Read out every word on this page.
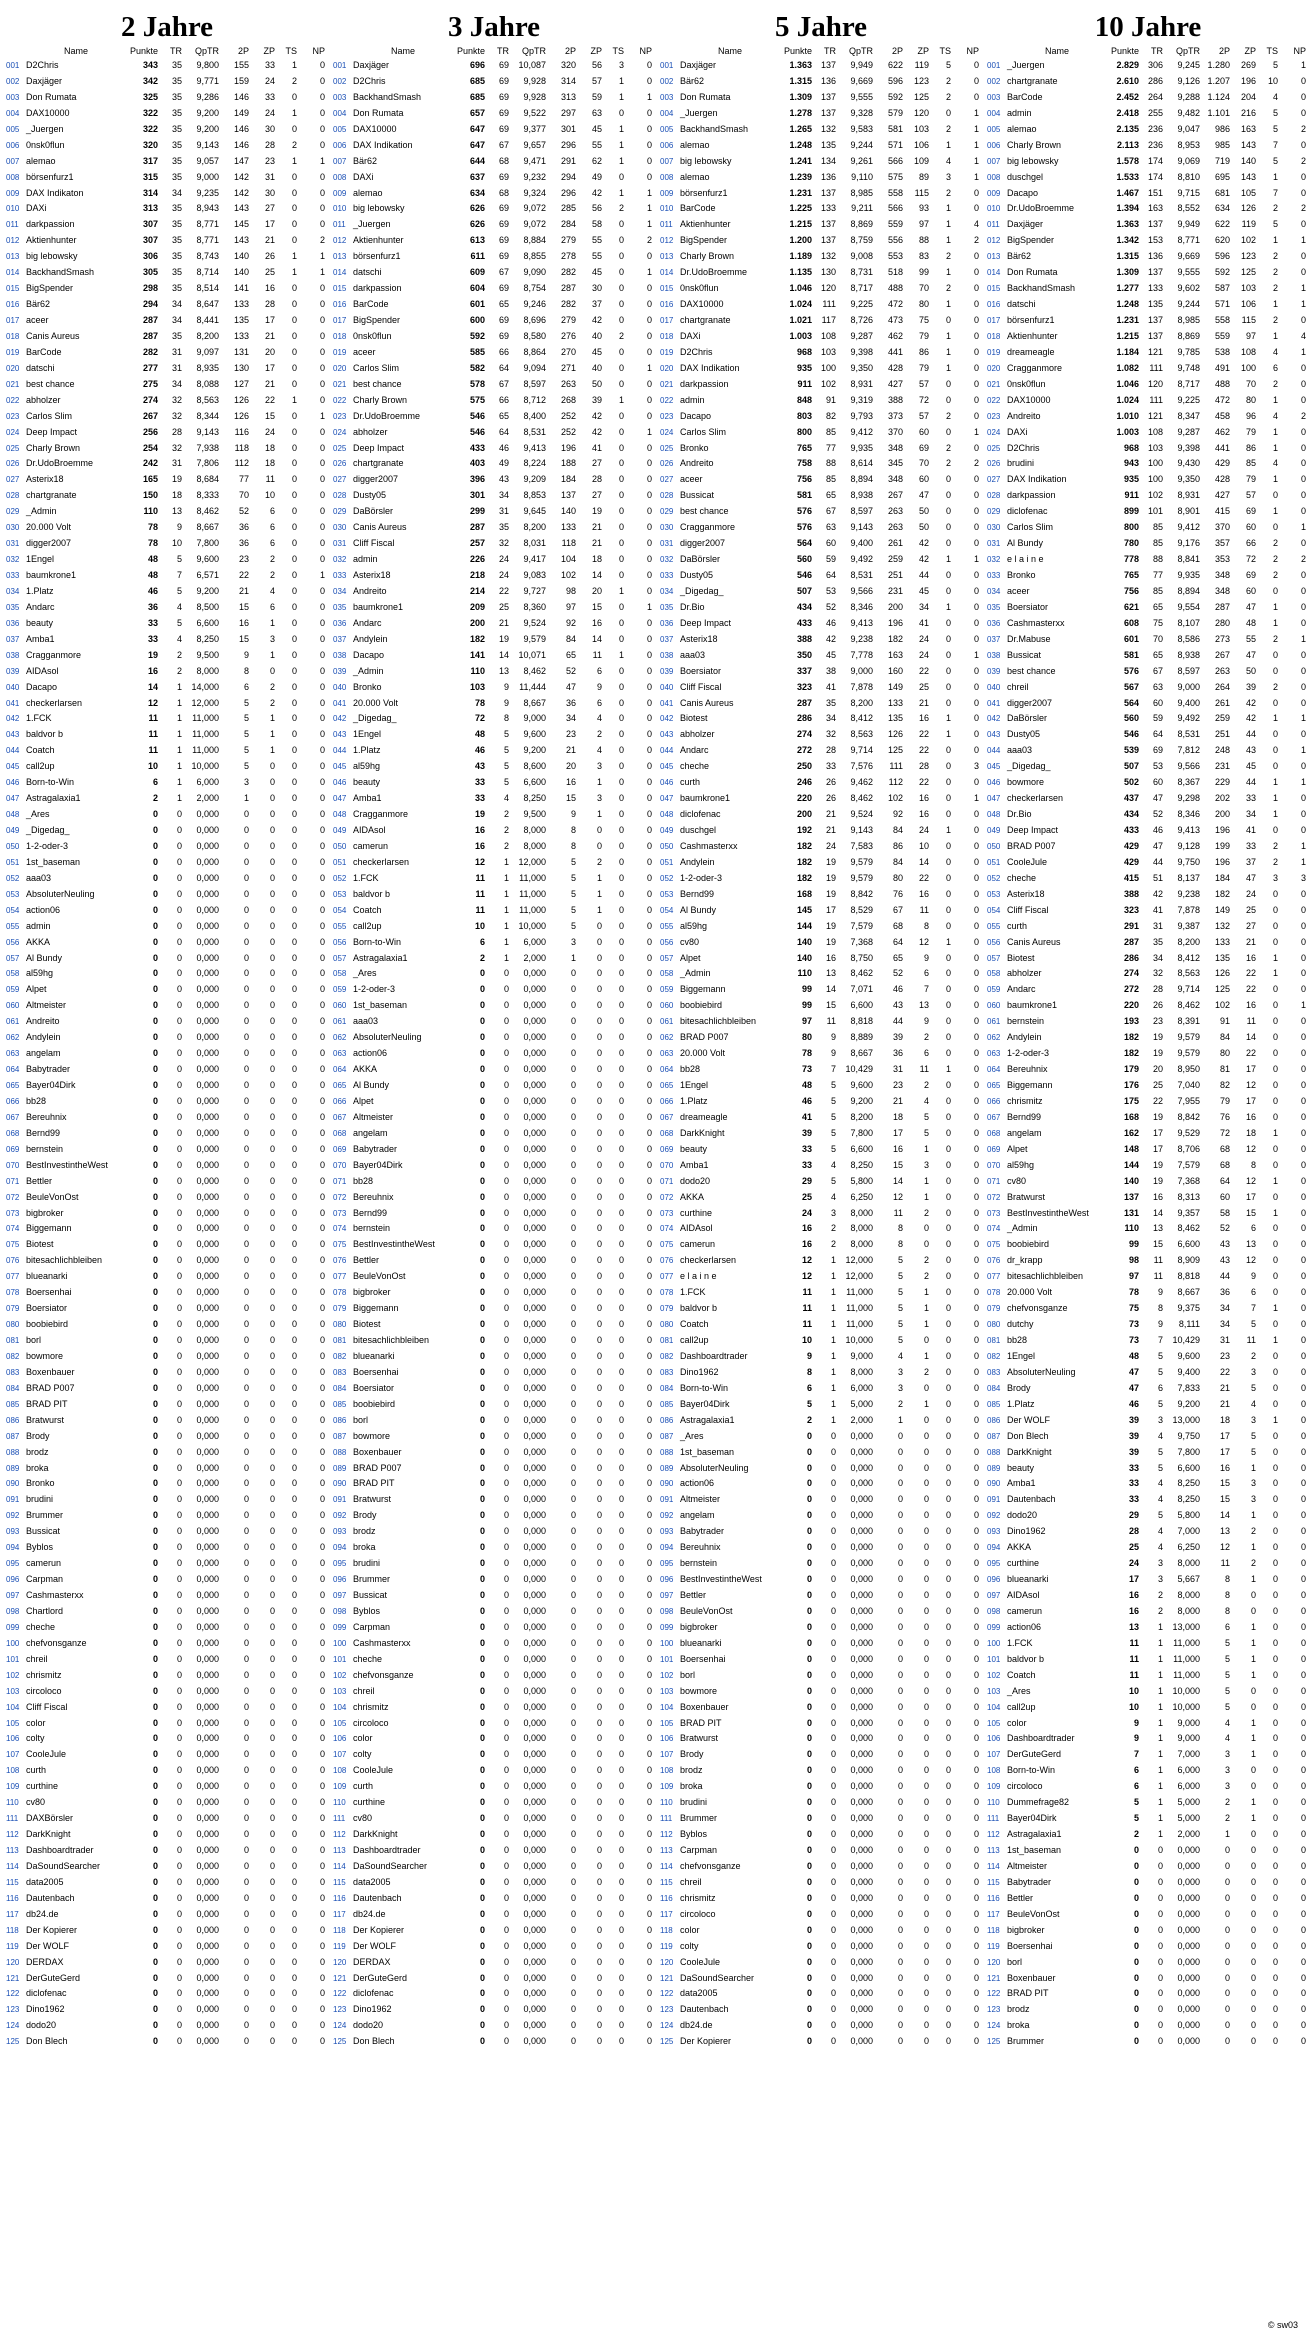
2 Jahre
	Name	Punkte	TR	QpTR	2P	ZP	TS	NP
001	D2Chris	343	35	9,800	155	33	1	0
002	Daxjäger	342	35	9,771	159	24	2	0
003	Don Rumata	325	35	9,286	146	33	0	0
004	DAX10000	322	35	9,200	149	24	1	0
005	_Juergen	322	35	9,200	146	30	0	0
006	0nsk0flun	320	35	9,143	146	28	2	0
007	alemao	317	35	9,057	147	23	1	1
008	börsenfurz1	315	35	9,000	142	31	0	0
009	DAX Indikaton	314	34	9,235	142	30	0	0
010	DAXi	313	35	8,943	143	27	0	0
011	darkpassion	307	35	8,771	145	17	0	0
012	Aktienhunter	307	35	8,771	143	21	0	2
013	big lebowsky	306	35	8,743	140	26	1	1
014	BackhandSmash	305	35	8,714	140	25	1	1
015	BigSpender	298	35	8,514	141	16	0	0
016	Bär62	294	34	8,647	133	28	0	0
017	aceer	287	34	8,441	135	17	0	0
018	Canis Aureus	287	35	8,200	133	21	0	0
019	BarCode	282	31	9,097	131	20	0	0
020	datschi	277	31	8,935	130	17	0	0
021	best chance	275	34	8,088	127	21	0	0
022	abholzer	274	32	8,563	126	22	1	0
023	Carlos Slim	267	32	8,344	126	15	0	1
024	Deep Impact	256	28	9,143	116	24	0	0
025	Charly Brown	254	32	7,938	118	18	0	0
026	Dr.UdoBroemme	242	31	7,806	112	18	0	0
027	Asterix18	165	19	8,684	77	11	0	0
028	chartgranate	150	18	8,333	70	10	0	0
029	_Admin	110	13	8,462	52	6	0	0
030	20.000 Volt	78	9	8,667	36	6	0	0
031	digger2007	78	10	7,800	36	6	0	0
032	1Engel	48	5	9,600	23	2	0	0
033	baumkrone1	48	7	6,571	22	2	0	1
034	1.Platz	46	5	9,200	21	4	0	0
035	Andarc	36	4	8,500	15	6	0	0
036	beauty	33	5	6,600	16	1	0	0
037	Amba1	33	4	8,250	15	3	0	0
038	Cragganmore	19	2	9,500	9	1	0	0
039	AIDAsol	16	2	8,000	8	0	0	0
040	Dacapo	14	1	14,000	6	2	0	0
041	checkerlarsen	12	1	12,000	5	2	0	0
042	1.FCK	11	1	11,000	5	1	0	0
043	baldvor b	11	1	11,000	5	1	0	0
044	Coatch	11	1	11,000	5	1	0	0
045	call2up	10	1	10,000	5	0	0	0
046	Born-to-Win	6	1	6,000	3	0	0	0
047	Astragalaxia1	2	1	2,000	1	0	0	0
048	_Ares	0	0	0,000	0	0	0	0
049	_Digedag_	0	0	0,000	0	0	0	0
050	1-2-oder-3	0	0	0,000	0	0	0	0
051	1st_baseman	0	0	0,000	0	0	0	0
052	aaa03	0	0	0,000	0	0	0	0
053	AbsoluterNeuling	0	0	0,000	0	0	0	0
054	action06	0	0	0,000	0	0	0	0
055	admin	0	0	0,000	0	0	0	0
056	AKKA	0	0	0,000	0	0	0	0
057	Al Bundy	0	0	0,000	0	0	0	0
058	al59hg	0	0	0,000	0	0	0	0
059	Alpet	0	0	0,000	0	0	0	0
060	Altmeister	0	0	0,000	0	0	0	0
061	Andreito	0	0	0,000	0	0	0	0
062	Andylein	0	0	0,000	0	0	0	0
063	angelam	0	0	0,000	0	0	0	0
064	Babytrader	0	0	0,000	0	0	0	0
065	Bayer04Dirk	0	0	0,000	0	0	0	0
066	bb28	0	0	0,000	0	0	0	0
067	Bereuhnix	0	0	0,000	0	0	0	0
068	Bernd99	0	0	0,000	0	0	0	0
069	bernstein	0	0	0,000	0	0	0	0
070	BestInvestintheWest	0	0	0,000	0	0	0	0
071	Bettler	0	0	0,000	0	0	0	0
072	BeuleVonOst	0	0	0,000	0	0	0	0
073	bigbroker	0	0	0,000	0	0	0	0
074	Biggemann	0	0	0,000	0	0	0	0
075	Biotest	0	0	0,000	0	0	0	0
076	bitesachlichbleiben	0	0	0,000	0	0	0	0
077	blueanarki	0	0	0,000	0	0	0	0
078	Boersenhai	0	0	0,000	0	0	0	0
079	Boersiator	0	0	0,000	0	0	0	0
080	boobiebird	0	0	0,000	0	0	0	0
081	borl	0	0	0,000	0	0	0	0
082	bowmore	0	0	0,000	0	0	0	0
083	Boxenbauer	0	0	0,000	0	0	0	0
084	BRAD P007	0	0	0,000	0	0	0	0
085	BRAD PIT	0	0	0,000	0	0	0	0
086	Bratwurst	0	0	0,000	0	0	0	0
087	Brody	0	0	0,000	0	0	0	0
088	brodz	0	0	0,000	0	0	0	0
089	broka	0	0	0,000	0	0	0	0
090	Bronko	0	0	0,000	0	0	0	0
091	brudini	0	0	0,000	0	0	0	0
092	Brummer	0	0	0,000	0	0	0	0
093	Bussicat	0	0	0,000	0	0	0	0
094	Byblos	0	0	0,000	0	0	0	0
095	camerun	0	0	0,000	0	0	0	0
096	Carpman	0	0	0,000	0	0	0	0
097	Cashmasterxx	0	0	0,000	0	0	0	0
098	Chartlord	0	0	0,000	0	0	0	0
099	cheche	0	0	0,000	0	0	0	0
100	chefvonsganze	0	0	0,000	0	0	0	0
101	chreil	0	0	0,000	0	0	0	0
102	chrismitz	0	0	0,000	0	0	0	0
103	circoloco	0	0	0,000	0	0	0	0
104	Cliff Fiscal	0	0	0,000	0	0	0	0
105	color	0	0	0,000	0	0	0	0
106	colty	0	0	0,000	0	0	0	0
107	CooleJule	0	0	0,000	0	0	0	0
108	curth	0	0	0,000	0	0	0	0
109	curthine	0	0	0,000	0	0	0	0
110	cv80	0	0	0,000	0	0	0	0
111	DAXBörsler	0	0	0,000	0	0	0	0
112	DarkKnight	0	0	0,000	0	0	0	0
113	Dashboardtrader	0	0	0,000	0	0	0	0
114	DaSoundSearcher	0	0	0,000	0	0	0	0
115	data2005	0	0	0,000	0	0	0	0
116	Dautenbach	0	0	0,000	0	0	0	0
117	db24.de	0	0	0,000	0	0	0	0
118	Der Kopierer	0	0	0,000	0	0	0	0
119	Der WOLF	0	0	0,000	0	0	0	0
120	DERDAX	0	0	0,000	0	0	0	0
121	DerGuteGerd	0	0	0,000	0	0	0	0
122	diclofenac	0	0	0,000	0	0	0	0
123	Dino1962	0	0	0,000	0	0	0	0
124	dodo20	0	0	0,000	0	0	0	0
125	Don Blech	0	0	0,000	0	0	0	0
3 Jahre
	Name	Punkte	TR	QpTR	2P	ZP	TS	NP
001	Daxjäger	696	69	10,087	320	56	3	0
002	D2Chris	685	69	9,928	314	57	1	0
003	BackhandSmash	685	69	9,928	313	59	1	1
004	Don Rumata	657	69	9,522	297	63	0	0
005	DAX10000	647	69	9,377	301	45	1	0
006	DAX Indikation	647	67	9,657	296	55	1	0
007	Bär62	644	68	9,471	291	62	1	0
008	DAXi	637	69	9,232	294	49	0	0
009	alemao	634	68	9,324	296	42	1	1
010	big lebowsky	626	69	9,072	285	56	2	1
011	_Juergen	626	69	9,072	284	58	0	1
012	Aktienhunter	613	69	8,884	279	55	0	2
013	börsenfurz1	611	69	8,855	278	55	0	0
014	datschi	609	67	9,090	282	45	0	1
015	darkpassion	604	69	8,754	287	30	0	0
016	BarCode	601	65	9,246	282	37	0	0
017	BigSpender	600	69	8,696	279	42	0	0
018	0nsk0flun	592	69	8,580	276	40	2	0
019	aceer	585	66	8,864	270	45	0	0
020	Carlos Slim	582	64	9,094	271	40	0	1
021	best chance	578	67	8,597	263	50	0	0
022	Charly Brown	575	66	8,712	268	39	1	0
023	Dr.UdoBroemme	546	65	8,400	252	42	0	0
024	abholzer	546	64	8,531	252	42	0	1
025	Deep Impact	433	46	9,413	196	41	0	0
026	chartgranate	403	49	8,224	188	27	0	0
027	digger2007	396	43	9,209	184	28	0	0
028	Dusty05	301	34	8,853	137	27	0	0
029	DaBörsler	299	31	9,645	140	19	0	0
030	Canis Aureus	287	35	8,200	133	21	0	0
031	Cliff Fiscal	257	32	8,031	118	21	0	0
032	admin	226	24	9,417	104	18	0	0
033	Asterix18	218	24	9,083	102	14	0	0
034	Andreito	214	22	9,727	98	20	1	0
035	baumkrone1	209	25	8,360	97	15	0	1
036	Andarc	200	21	9,524	92	16	0	0
037	Andylein	182	19	9,579	84	14	0	0
038	Dacapo	141	14	10,071	65	11	1	0
039	_Admin	110	13	8,462	52	6	0	0
040	Bronko	103	9	11,444	47	9	0	0
041	20.000 Volt	78	9	8,667	36	6	0	0
042	_Digedag_	72	8	9,000	34	4	0	0
043	1Engel	48	5	9,600	23	2	0	0
044	1.Platz	46	5	9,200	21	4	0	0
045	al59hg	43	5	8,600	20	3	0	0
046	beauty	33	5	6,600	16	1	0	0
047	Amba1	33	4	8,250	15	3	0	0
048	Cragganmore	19	2	9,500	9	1	0	0
049	AIDAsol	16	2	8,000	8	0	0	0
050	camerun	16	2	8,000	8	0	0	0
051	checkerlarsen	12	1	12,000	5	2	0	0
052	1.FCK	11	1	11,000	5	1	0	0
053	baldvor b	11	1	11,000	5	1	0	0
054	Coatch	11	1	11,000	5	1	0	0
055	call2up	10	1	10,000	5	0	0	0
056	Born-to-Win	6	1	6,000	3	0	0	0
057	Astragalaxia1	2	1	2,000	1	0	0	0
058	_Ares	0	0	0,000	0	0	0	0
059	1-2-oder-3	0	0	0,000	0	0	0	0
060	1st_baseman	0	0	0,000	0	0	0	0
061	aaa03	0	0	0,000	0	0	0	0
062	AbsoluterNeuling	0	0	0,000	0	0	0	0
063	action06	0	0	0,000	0	0	0	0
064	AKKA	0	0	0,000	0	0	0	0
065	Al Bundy	0	0	0,000	0	0	0	0
066	Alpet	0	0	0,000	0	0	0	0
067	Altmeister	0	0	0,000	0	0	0	0
068	angelam	0	0	0,000	0	0	0	0
069	Babytrader	0	0	0,000	0	0	0	0
070	Bayer04Dirk	0	0	0,000	0	0	0	0
071	bb28	0	0	0,000	0	0	0	0
072	Bereuhnix	0	0	0,000	0	0	0	0
073	Bernd99	0	0	0,000	0	0	0	0
074	bernstein	0	0	0,000	0	0	0	0
075	BestInvestintheWest	0	0	0,000	0	0	0	0
076	Bettler	0	0	0,000	0	0	0	0
077	BeuleVonOst	0	0	0,000	0	0	0	0
078	bigbroker	0	0	0,000	0	0	0	0
079	Biggemann	0	0	0,000	0	0	0	0
080	Biotest	0	0	0,000	0	0	0	0
081	bitesachlichbleiben	0	0	0,000	0	0	0	0
082	blueanarki	0	0	0,000	0	0	0	0
083	Boersenhai	0	0	0,000	0	0	0	0
084	Boersiator	0	0	0,000	0	0	0	0
085	boobiebird	0	0	0,000	0	0	0	0
086	borl	0	0	0,000	0	0	0	0
087	bowmore	0	0	0,000	0	0	0	0
088	Boxenbauer	0	0	0,000	0	0	0	0
089	BRAD P007	0	0	0,000	0	0	0	0
090	BRAD PIT	0	0	0,000	0	0	0	0
091	Bratwurst	0	0	0,000	0	0	0	0
092	Brody	0	0	0,000	0	0	0	0
093	brodz	0	0	0,000	0	0	0	0
094	broka	0	0	0,000	0	0	0	0
095	brudini	0	0	0,000	0	0	0	0
096	Brummer	0	0	0,000	0	0	0	0
097	Bussicat	0	0	0,000	0	0	0	0
098	Byblos	0	0	0,000	0	0	0	0
099	Carpman	0	0	0,000	0	0	0	0
100	Cashmasterxx	0	0	0,000	0	0	0	0
101	cheche	0	0	0,000	0	0	0	0
102	chefvonsganze	0	0	0,000	0	0	0	0
103	chreil	0	0	0,000	0	0	0	0
104	chrismitz	0	0	0,000	0	0	0	0
105	circoloco	0	0	0,000	0	0	0	0
106	color	0	0	0,000	0	0	0	0
107	colty	0	0	0,000	0	0	0	0
108	CooleJule	0	0	0,000	0	0	0	0
109	curth	0	0	0,000	0	0	0	0
110	curthine	0	0	0,000	0	0	0	0
111	cv80	0	0	0,000	0	0	0	0
112	DarkKnight	0	0	0,000	0	0	0	0
113	Dashboardtrader	0	0	0,000	0	0	0	0
114	DaSoundSearcher	0	0	0,000	0	0	0	0
115	data2005	0	0	0,000	0	0	0	0
116	Dautenbach	0	0	0,000	0	0	0	0
117	db24.de	0	0	0,000	0	0	0	0
118	Der Kopierer	0	0	0,000	0	0	0	0
119	Der WOLF	0	0	0,000	0	0	0	0
120	DERDAX	0	0	0,000	0	0	0	0
121	DerGuteGerd	0	0	0,000	0	0	0	0
122	diclofenac	0	0	0,000	0	0	0	0
123	Dino1962	0	0	0,000	0	0	0	0
124	dodo20	0	0	0,000	0	0	0	0
125	Don Blech	0	0	0,000	0	0	0	0
5 Jahre
	Name	Punkte	TR	QpTR	2P	ZP	TS	NP
001	Daxjäger	1.363	137	9,949	622	119	5	0
002	Bär62	1.315	136	9,669	596	123	2	0
003	Don Rumata	1.309	137	9,555	592	125	2	0
004	_Juergen	1.278	137	9,328	579	120	0	1
005	BackhandSmash	1.265	132	9,583	581	103	2	1
006	alemao	1.248	135	9,244	571	106	1	1
007	big lebowsky	1.241	134	9,261	566	109	4	1
008	alemao	1.239	136	9,110	575	89	3	1
009	börsenfurz1	1.231	137	8,985	558	115	2	0
010	BarCode	1.225	133	9,211	566	93	1	0
011	Aktienhunter	1.215	137	8,869	559	97	1	4
012	BigSpender	1.200	137	8,759	556	88	1	2
013	Charly Brown	1.189	132	9,008	553	83	2	0
014	Dr.UdoBroemme	1.135	130	8,731	518	99	1	0
015	0nsk0flun	1.046	120	8,717	488	70	2	0
016	DAX10000	1.024	111	9,225	472	80	1	0
017	chartgranate	1.021	117	8,726	473	75	0	0
018	DAXi	1.003	108	9,287	462	79	1	0
019	D2Chris	968	103	9,398	441	86	1	0
020	DAX Indikation	935	100	9,350	428	79	1	0
021	darkpassion	911	102	8,931	427	57	0	0
022	admin	848	91	9,319	388	72	0	0
023	Dacapo	803	82	9,793	373	57	2	0
024	Carlos Slim	800	85	9,412	370	60	0	1
025	Bronko	765	77	9,935	348	69	2	0
026	Andreito	758	88	8,614	345	70	2	2
027	aceer	756	85	8,894	348	60	0	0
028	Bussicat	581	65	8,938	267	47	0	0
029	best chance	576	67	8,597	263	50	0	0
030	Cragganmore	576	63	9,143	263	50	0	0
031	digger2007	564	60	9,400	261	42	0	0
032	DaBörsler	560	59	9,492	259	42	1	1
033	Dusty05	546	64	8,531	251	44	0	0
034	_Digedag_	507	53	9,566	231	45	0	0
035	Dr.Bio	434	52	8,346	200	34	1	0
036	Deep Impact	433	46	9,413	196	41	0	0
037	Asterix18	388	42	9,238	182	24	0	0
038	aaa03	350	45	7,778	163	24	0	1
039	Boersiator	337	38	9,000	160	22	0	0
040	Cliff Fiscal	323	41	7,878	149	25	0	0
041	Canis Aureus	287	35	8,200	133	21	0	0
042	Biotest	286	34	8,412	135	16	1	0
043	abholzer	274	32	8,563	126	22	1	0
044	Andarc	272	28	9,714	125	22	0	0
045	cheche	250	33	7,576	111	28	0	3
046	curth	246	26	9,462	112	22	0	0
047	baumkrone1	220	26	8,462	102	16	0	1
048	diclofenac	200	21	9,524	92	16	0	0
049	duschgel	192	21	9,143	84	24	1	0
050	Cashmasterxx	182	24	7,583	86	10	0	0
051	Andylein	182	19	9,579	84	14	0	0
052	1-2-oder-3	182	19	9,579	80	22	0	0
053	Bernd99	168	19	8,842	76	16	0	0
054	Al Bundy	145	17	8,529	67	11	0	0
055	al59hg	144	19	7,579	68	8	0	0
056	cv80	140	19	7,368	64	12	1	0
057	Alpet	140	16	8,750	65	9	0	0
058	_Admin	110	13	8,462	52	6	0	0
059	Biggemann	99	14	7,071	46	7	0	0
060	boobiebird	99	15	6,600	43	13	0	0
061	bitesachlichbleiben	97	11	8,818	44	9	0	0
062	BRAD P007	80	9	8,889	39	2	0	0
063	20.000 Volt	78	9	8,667	36	6	0	0
064	bb28	73	7	10,429	31	11	1	0
065	1Engel	48	5	9,600	23	2	0	0
066	1.Platz	46	5	9,200	21	4	0	0
067	dreameagle	41	5	8,200	18	5	0	0
068	DarkKnight	39	5	7,800	17	5	0	0
069	beauty	33	5	6,600	16	1	0	0
070	Amba1	33	4	8,250	15	3	0	0
071	dodo20	29	5	5,800	14	1	0	0
072	AKKA	25	4	6,250	12	1	0	0
073	curthine	24	3	8,000	11	2	0	0
074	AIDAsol	16	2	8,000	8	0	0	0
075	camerun	16	2	8,000	8	0	0	0
076	checkerlarsen	12	1	12,000	5	2	0	0
077	e l a i n e	12	1	12,000	5	2	0	0
078	1.FCK	11	1	11,000	5	1	0	0
079	baldvor b	11	1	11,000	5	1	0	0
080	Coatch	11	1	11,000	5	1	0	0
081	call2up	10	1	10,000	5	0	0	0
082	Dashboardtrader	9	1	9,000	4	1	0	0
083	Dino1962	8	1	8,000	3	2	0	0
084	Born-to-Win	6	1	6,000	3	0	0	0
085	Bayer04Dirk	5	1	5,000	2	1	0	0
086	Astragalaxia1	2	1	2,000	1	0	0	0
087	_Ares	0	0	0,000	0	0	0	0
088	1st_baseman	0	0	0,000	0	0	0	0
089	AbsoluterNeuling	0	0	0,000	0	0	0	0
090	action06	0	0	0,000	0	0	0	0
091	Altmeister	0	0	0,000	0	0	0	0
092	angelam	0	0	0,000	0	0	0	0
093	Babytrader	0	0	0,000	0	0	0	0
094	Bereuhnix	0	0	0,000	0	0	0	0
095	bernstein	0	0	0,000	0	0	0	0
096	BestInvestintheWest	0	0	0,000	0	0	0	0
097	Bettler	0	0	0,000	0	0	0	0
098	BeuleVonOst	0	0	0,000	0	0	0	0
099	bigbroker	0	0	0,000	0	0	0	0
100	blueanarki	0	0	0,000	0	0	0	0
101	Boersenhai	0	0	0,000	0	0	0	0
102	borl	0	0	0,000	0	0	0	0
103	bowmore	0	0	0,000	0	0	0	0
104	Boxenbauer	0	0	0,000	0	0	0	0
105	BRAD PIT	0	0	0,000	0	0	0	0
106	Bratwurst	0	0	0,000	0	0	0	0
107	Brody	0	0	0,000	0	0	0	0
108	brodz	0	0	0,000	0	0	0	0
109	broka	0	0	0,000	0	0	0	0
110	brudini	0	0	0,000	0	0	0	0
111	Brummer	0	0	0,000	0	0	0	0
112	Byblos	0	0	0,000	0	0	0	0
113	Carpman	0	0	0,000	0	0	0	0
114	chefvonsganze	0	0	0,000	0	0	0	0
115	chreil	0	0	0,000	0	0	0	0
116	chrismitz	0	0	0,000	0	0	0	0
117	circoloco	0	0	0,000	0	0	0	0
118	color	0	0	0,000	0	0	0	0
119	colty	0	0	0,000	0	0	0	0
120	CooleJule	0	0	0,000	0	0	0	0
121	DaSoundSearcher	0	0	0,000	0	0	0	0
122	data2005	0	0	0,000	0	0	0	0
123	Dautenbach	0	0	0,000	0	0	0	0
124	db24.de	0	0	0,000	0	0	0	0
125	Der Kopierer	0	0	0,000	0	0	0	0
10 Jahre
	Name	Punkte	TR	QpTR	2P	ZP	TS	NP
001	_Juergen	2.829	306	9,245	1.280	269	5	1
002	chartgranate	2.610	286	9,126	1.207	196	10	0
003	BarCode	2.452	264	9,288	1.124	204	4	0
004	admin	2.418	255	9,482	1.101	216	5	0
005	alemao	2.135	236	9,047	986	163	5	2
006	Charly Brown	2.113	236	8,953	985	143	7	0
007	big lebowsky	1.578	174	9,069	719	140	5	2
008	duschgel	1.533	174	8,810	695	143	1	0
009	Dacapo	1.467	151	9,715	681	105	7	0
010	Dr.UdoBroemme	1.394	163	8,552	634	126	2	2
011	Daxjäger	1.363	137	9,949	622	119	5	0
012	BigSpender	1.342	153	8,771	620	102	1	1
013	Bär62	1.315	136	9,669	596	123	2	0
014	Don Rumata	1.309	137	9,555	592	125	2	0
015	BackhandSmash	1.277	133	9,602	587	103	2	1
016	datschi	1.248	135	9,244	571	106	1	1
017	börsenfurz1	1.231	137	8,985	558	115	2	0
018	Aktienhunter	1.215	137	8,869	559	97	1	4
019	dreameagle	1.184	121	9,785	538	108	4	1
020	Cragganmore	1.082	111	9,748	491	100	6	0
021	0nsk0flun	1.046	120	8,717	488	70	2	0
022	DAX10000	1.024	111	9,225	472	80	1	0
023	Andreito	1.010	121	8,347	458	96	4	2
024	DAXi	1.003	108	9,287	462	79	1	0
025	D2Chris	968	103	9,398	441	86	1	0
026	brudini	943	100	9,430	429	85	4	0
027	DAX Indikation	935	100	9,350	428	79	1	0
028	darkpassion	911	102	8,931	427	57	0	0
029	diclofenac	899	101	8,901	415	69	1	0
030	Carlos Slim	800	85	9,412	370	60	0	1
031	Al Bundy	780	85	9,176	357	66	2	0
032	e l a i n e	778	88	8,841	353	72	2	2
033	Bronko	765	77	9,935	348	69	2	0
034	aceer	756	85	8,894	348	60	0	0
035	Boersiator	621	65	9,554	287	47	1	0
036	Cashmasterxx	608	75	8,107	280	48	1	0
037	Dr.Mabuse	601	70	8,586	273	55	2	1
038	Bussicat	581	65	8,938	267	47	0	0
039	best chance	576	67	8,597	263	50	0	0
040	chreil	567	63	9,000	264	39	2	0
041	digger2007	564	60	9,400	261	42	0	0
042	DaBörsler	560	59	9,492	259	42	1	1
043	Dusty05	546	64	8,531	251	44	0	0
044	aaa03	539	69	7,812	248	43	0	1
045	_Digedag_	507	53	9,566	231	45	0	0
046	bowmore	502	60	8,367	229	44	1	1
047	checkerlarsen	437	47	9,298	202	33	1	0
048	Dr.Bio	434	52	8,346	200	34	1	0
049	Deep Impact	433	46	9,413	196	41	0	0
050	BRAD P007	429	47	9,128	199	33	2	1
051	CooleJule	429	44	9,750	196	37	2	1
052	cheche	415	51	8,137	184	47	3	3
053	Asterix18	388	42	9,238	182	24	0	0
054	Cliff Fiscal	323	41	7,878	149	25	0	0
055	curth	291	31	9,387	132	27	0	0
056	Canis Aureus	287	35	8,200	133	21	0	0
057	Biotest	286	34	8,412	135	16	1	0
058	abholzer	274	32	8,563	126	22	1	0
059	Andarc	272	28	9,714	125	22	0	0
060	baumkrone1	220	26	8,462	102	16	0	1
061	bernstein	193	23	8,391	91	11	0	0
062	Andylein	182	19	9,579	84	14	0	0
063	1-2-oder-3	182	19	9,579	80	22	0	0
064	Bereuhnix	179	20	8,950	81	17	0	0
065	Biggemann	176	25	7,040	82	12	0	0
066	chrismitz	175	22	7,955	79	17	0	0
067	Bernd99	168	19	8,842	76	16	0	0
068	angelam	162	17	9,529	72	18	1	0
069	Alpet	148	17	8,706	68	12	0	0
070	al59hg	144	19	7,579	68	8	0	0
071	cv80	140	19	7,368	64	12	1	0
072	Bratwurst	137	16	8,313	60	17	0	0
073	BestInvestintheWest	131	14	9,357	58	15	1	0
074	_Admin	110	13	8,462	52	6	0	0
075	boobiebird	99	15	6,600	43	13	0	0
076	dr_krapp	98	11	8,909	43	12	0	0
077	bitesachlichbleiben	97	11	8,818	44	9	0	0
078	20.000 Volt	78	9	8,667	36	6	0	0
079	chefvonsganze	75	8	9,375	34	7	1	0
080	dutchy	73	9	8,111	34	5	0	0
081	bb28	73	7	10,429	31	11	1	0
082	1Engel	48	5	9,600	23	2	0	0
083	AbsoluterNeuling	47	5	9,400	22	3	0	0
084	Brody	47	6	7,833	21	5	0	0
085	1.Platz	46	5	9,200	21	4	0	0
086	Der WOLF	39	3	13,000	18	3	1	0
087	Don Blech	39	4	9,750	17	5	0	0
088	DarkKnight	39	5	7,800	17	5	0	0
089	beauty	33	5	6,600	16	1	0	0
090	Amba1	33	4	8,250	15	3	0	0
091	Dautenbach	33	4	8,250	15	3	0	0
092	dodo20	29	5	5,800	14	1	0	0
093	Dino1962	28	4	7,000	13	2	0	0
094	AKKA	25	4	6,250	12	1	0	0
095	curthine	24	3	8,000	11	2	0	0
096	blueanarki	17	3	5,667	8	1	0	0
097	AIDAsol	16	2	8,000	8	0	0	0
098	camerun	16	2	8,000	8	0	0	0
099	action06	13	1	13,000	6	1	0	0
100	1.FCK	11	1	11,000	5	1	0	0
101	baldvor b	11	1	11,000	5	1	0	0
102	Coatch	11	1	11,000	5	1	0	0
103	_Ares	10	1	10,000	5	0	0	0
104	call2up	10	1	10,000	5	0	0	0
105	color	9	1	9,000	4	1	0	0
106	Dashboardtrader	9	1	9,000	4	1	0	0
107	DerGuteGerd	7	1	7,000	3	1	0	0
108	Born-to-Win	6	1	6,000	3	0	0	0
109	circoloco	6	1	6,000	3	0	0	0
110	Dummefrage82	5	1	5,000	2	1	0	0
111	Bayer04Dirk	5	1	5,000	2	1	0	0
112	Astragalaxia1	2	1	2,000	1	0	0	0
113	1st_baseman	0	0	0,000	0	0	0	0
114	Altmeister	0	0	0,000	0	0	0	0
115	Babytrader	0	0	0,000	0	0	0	0
116	Bettler	0	0	0,000	0	0	0	0
117	BeuleVonOst	0	0	0,000	0	0	0	0
118	bigbroker	0	0	0,000	0	0	0	0
119	Boersenhai	0	0	0,000	0	0	0	0
120	borl	0	0	0,000	0	0	0	0
121	Boxenbauer	0	0	0,000	0	0	0	0
122	BRAD PIT	0	0	0,000	0	0	0	0
123	brodz	0	0	0,000	0	0	0	0
124	broka	0	0	0,000	0	0	0	0
125	Brummer	0	0	0,000	0	0	0	0
© sw03
